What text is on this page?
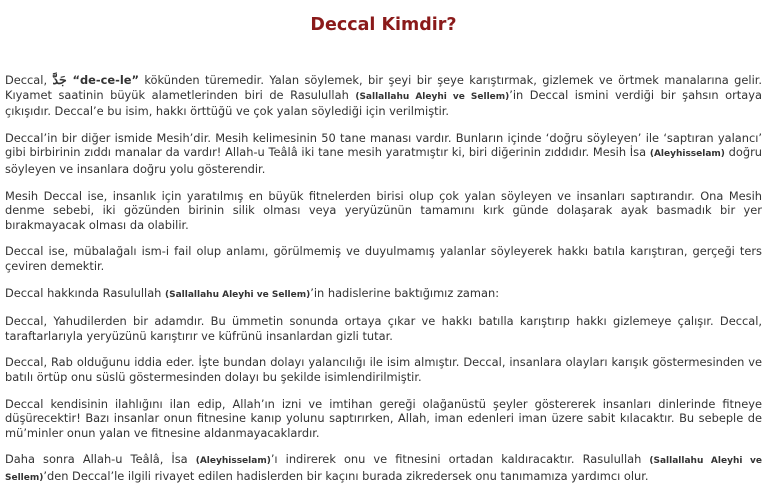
Deccal Kimdir?

Deccal, جَدَّ “de-ce-le” kökünden türemedir. Yalan söylemek, bir şeyi bir şeye karıştırmak, gizlemek ve örtmek manalarına gelir. Kıyamet saatinin büyük alametlerinden biri de Rasulullah (Sallallahu Aleyhi ve Sellem)’in Deccal ismini verdiği bir şahsın ortaya çıkışıdır. Deccal’e bu isim, hakkı örttüğü ve çok yalan söylediği için verilmiştir.

Deccal’in bir diğer ismide Mesih’dir. Mesih kelimesinin 50 tane manası vardır. Bunların içinde ‘doğru söyleyen’ ile ‘saptıran yalancı’ gibi birbirinin zıddı manalar da vardır! Allah-u Teâlâ iki tane mesih yaratmıştır ki, biri diğerinin zıddıdır. Mesih İsa (Aleyhisselam) doğru söyleyen ve insanlara doğru yolu gösterendir.

Mesih Deccal ise, insanlık için yaratılmış en büyük fitnelerden birisi olup çok yalan söyleyen ve insanları saptırandır. Ona Mesih denme sebebi, iki gözünden birinin silik olması veya yeryüzünün tamamını kırk günde dolaşarak ayak basmadık bir yer bırakmayacak olması da olabilir.

Deccal ise, mübalağalı ism-i fail olup anlamı, görülmemiş ve duyulmamış yalanlar söyleyerek hakkı batıla karıştıran, gerçeği ters çeviren demektir.

Deccal hakkında Rasulullah (Sallallahu Aleyhi ve Sellem)’in hadislerine baktığımız zaman:

Deccal, Yahudilerden bir adamdır. Bu ümmetin sonunda ortaya çıkar ve hakkı batılla karıştırıp hakkı gizlemeye çalışır. Deccal, taraftarlarıyla yeryüzünü karıştırır ve küfrünü insanlardan gizli tutar.

Deccal, Rab olduğunu iddia eder. İşte bundan dolayı yalancılığı ile isim almıştır. Deccal, insanlara olayları karışık göstermesinden ve batılı örtüp onu süslü göstermesinden dolayı bu şekilde isimlendirilmiştir.

Deccal kendisinin ilahlığını ilan edip, Allah’ın izni ve imtihan gereği olağanüstü şeyler göstererek insanları dinlerinde fitneye düşürecektir! Bazı insanlar onun fitnesine kanıp yolunu saptırırken, Allah, iman edenleri iman üzere sabit kılacaktır. Bu sebeple de mü’minler onun yalan ve fitnesine aldanmayacaklardır.

Daha sonra Allah-u Teâlâ, İsa (Aleyhisselam)’ı indirerek onu ve fitnesini ortadan kaldıracaktır. Rasulullah (Sallallahu Aleyhi ve Sellem)’den Deccal’le ilgili rivayet edilen hadislerden bir kaçını burada zikredersek onu tanımamıza yardımcı olur.
